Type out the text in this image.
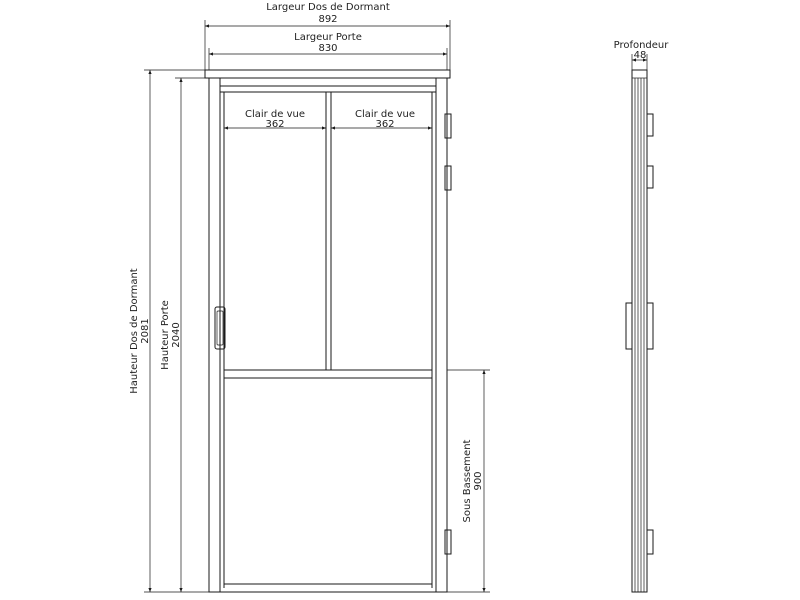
Largeur Dos de Dormant
892
Largeur Porte
830
Clair de vue
362
Clair de vue
362
Hauteur Dos de Dormant 2081 Hauteur Porte 2040
Sous Bassement 900
Profondeur
48
